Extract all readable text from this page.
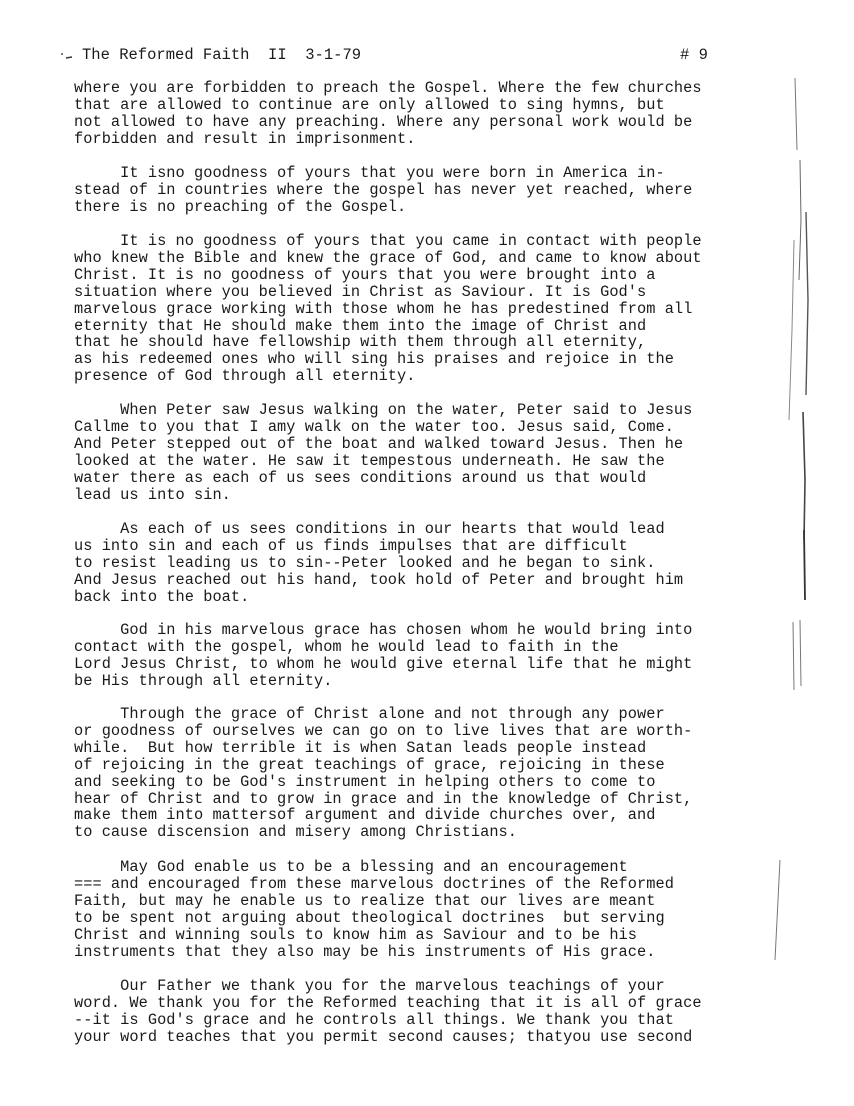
The Reformed Faith  II  3-1-79

	# 9

where you are forbidden to preach the Gospel. Where the few churches
that are allowed to continue are only allowed to sing hymns, but
not allowed to have any preaching. Where any personal work would be
forbidden and result in imprisonment.

It isno goodness of yours that you were born in America in-
stead of in countries where the gospel has never yet reached, where
there is no preaching of the Gospel.

It is no goodness of yours that you came in contact with people
who knew the Bible and knew the grace of God, and came to know about
Christ. It is no goodness of yours that you were brought into a
situation where you believed in Christ as Saviour. It is God's
marvelous grace working with those whom he has predestined from all
eternity that He should make them into the image of Christ and
that he should have fellowship with them through all eternity,
as his redeemed ones who will sing his praises and rejoice in the
presence of God through all eternity.

When Peter saw Jesus walking on the water, Peter said to Jesus
Callme to you that I amy walk on the water too. Jesus said, Come.
And Peter stepped out of the boat and walked toward Jesus. Then he
looked at the water. He saw it tempestous underneath. He saw the
water there as each of us sees conditions around us that would
lead us into sin.

As each of us sees conditions in our hearts that would lead
us into sin and each of us finds impulses that are difficult
to resist leading us to sin--Peter looked and he began to sink.
And Jesus reached out his hand, took hold of Peter and brought him
back into the boat.

God in his marvelous grace has chosen whom he would bring into
contact with the gospel, whom he would lead to faith in the
Lord Jesus Christ, to whom he would give eternal life that he might
be His through all eternity.

Through the grace of Christ alone and not through any power
or goodness of ourselves we can go on to live lives that are worth-
while.  But how terrible it is when Satan leads people instead
of rejoicing in the great teachings of grace, rejoicing in these
and seeking to be God's instrument in helping others to come to
hear of Christ and to grow in grace and in the knowledge of Christ,
make them into mattersof argument and divide churches over, and
to cause discension and misery among Christians.

May God enable us to be a blessing and an encouragement
=== and encouraged from these marvelous doctrines of the Reformed
Faith, but may he enable us to realize that our lives are meant
to be spent not arguing about theological doctrines  but serving
Christ and winning souls to know him as Saviour and to be his
instruments that they also may be his instruments of His grace.

Our Father we thank you for the marvelous teachings of your
word. We thank you for the Reformed teaching that it is all of grace
--it is God's grace and he controls all things. We thank you that
your word teaches that you permit second causes; thatyou use second
